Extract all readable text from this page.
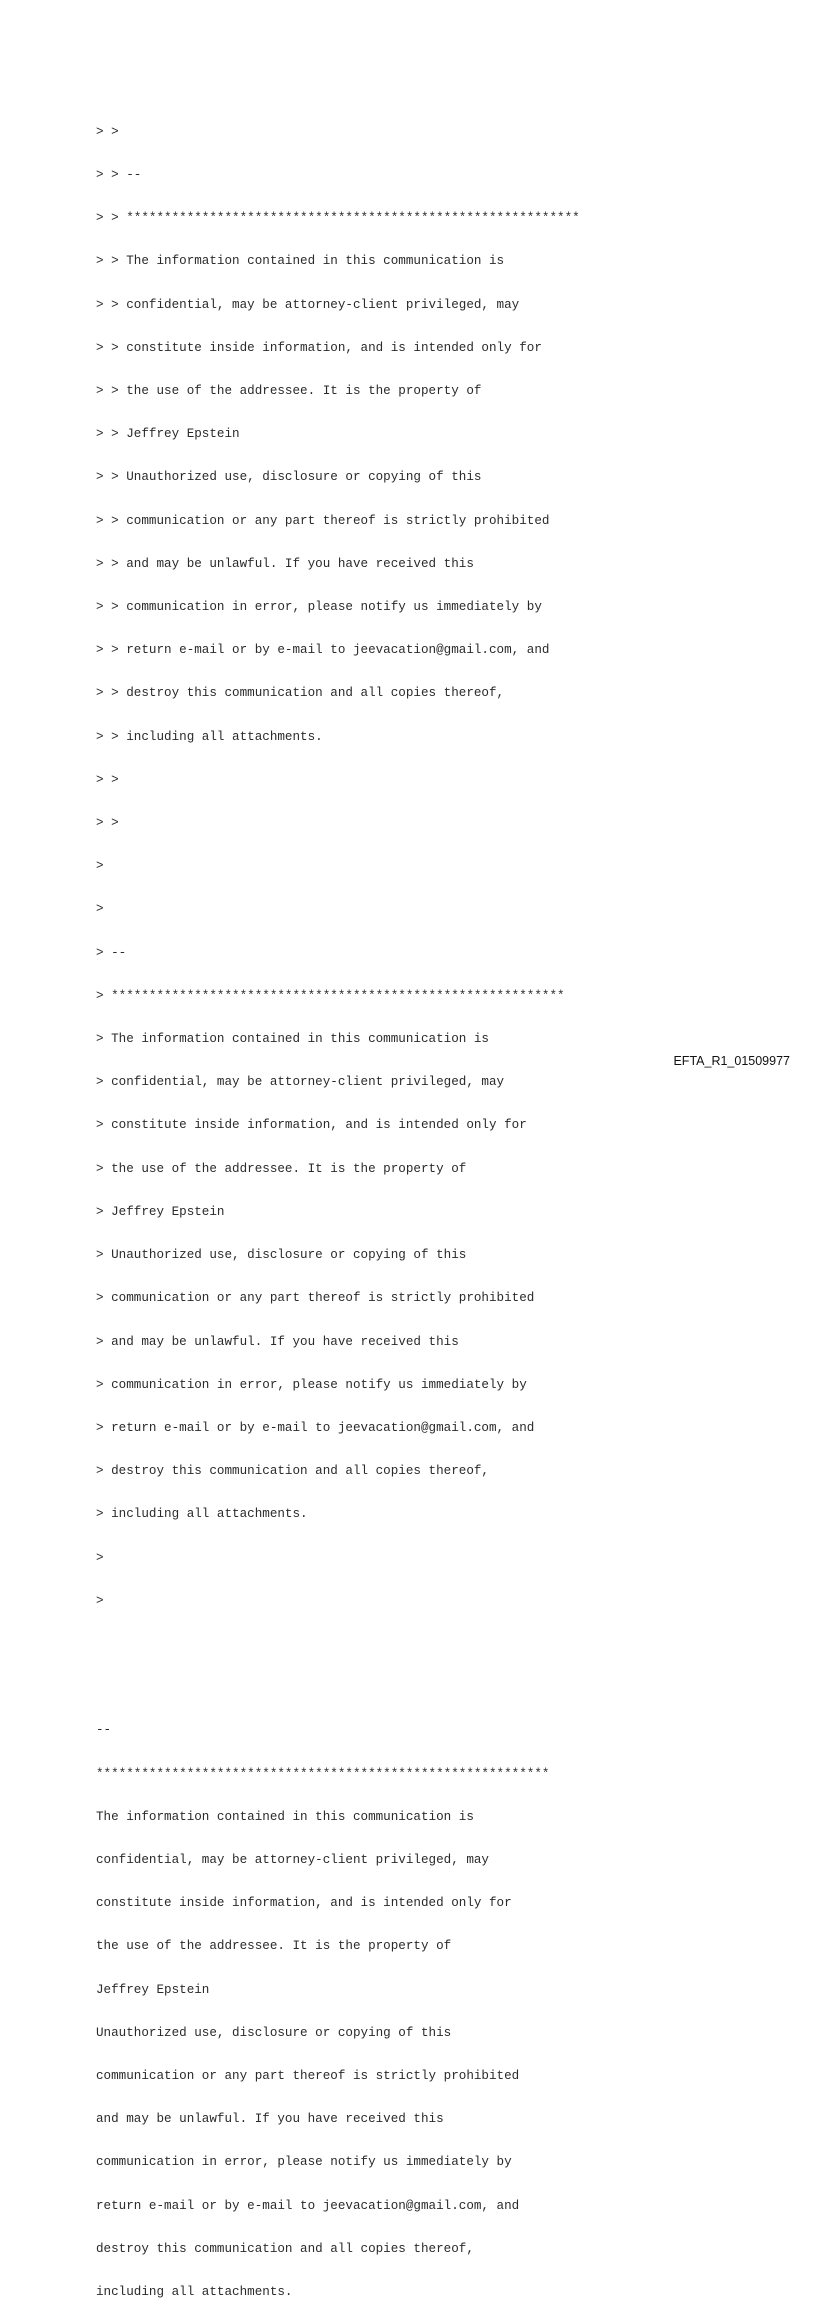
> >

> > --

> > ************************************************************

> > The information contained in this communication is

> > confidential, may be attorney-client privileged, may

> > constitute inside information, and is intended only for

> > the use of the addressee. It is the property of

> > Jeffrey Epstein

> > Unauthorized use, disclosure or copying of this

> > communication or any part thereof is strictly prohibited

> > and may be unlawful. If you have received this

> > communication in error, please notify us immediately by

> > return e-mail or by e-mail to jeevacation@gmail.com, and

> > destroy this communication and all copies thereof,

> > including all attachments.

> >

> >

>

>

> --

> ************************************************************

> The information contained in this communication is

> confidential, may be attorney-client privileged, may

> constitute inside information, and is intended only for

> the use of the addressee. It is the property of

> Jeffrey Epstein

> Unauthorized use, disclosure or copying of this

> communication or any part thereof is strictly prohibited

> and may be unlawful. If you have received this

> communication in error, please notify us immediately by

> return e-mail or by e-mail to jeevacation@gmail.com, and

> destroy this communication and all copies thereof,

> including all attachments.

>

>

--

************************************************************

The information contained in this communication is

confidential, may be attorney-client privileged, may

constitute inside information, and is intended only for

the use of the addressee. It is the property of

Jeffrey Epstein

Unauthorized use, disclosure or copying of this

communication or any part thereof is strictly prohibited

and may be unlawful. If you have received this

communication in error, please notify us immediately by

return e-mail or by e-mail to jeevacation@gmail.com, and

destroy this communication and all copies thereof,

including all attachments.

EFTA_R1_01509977
